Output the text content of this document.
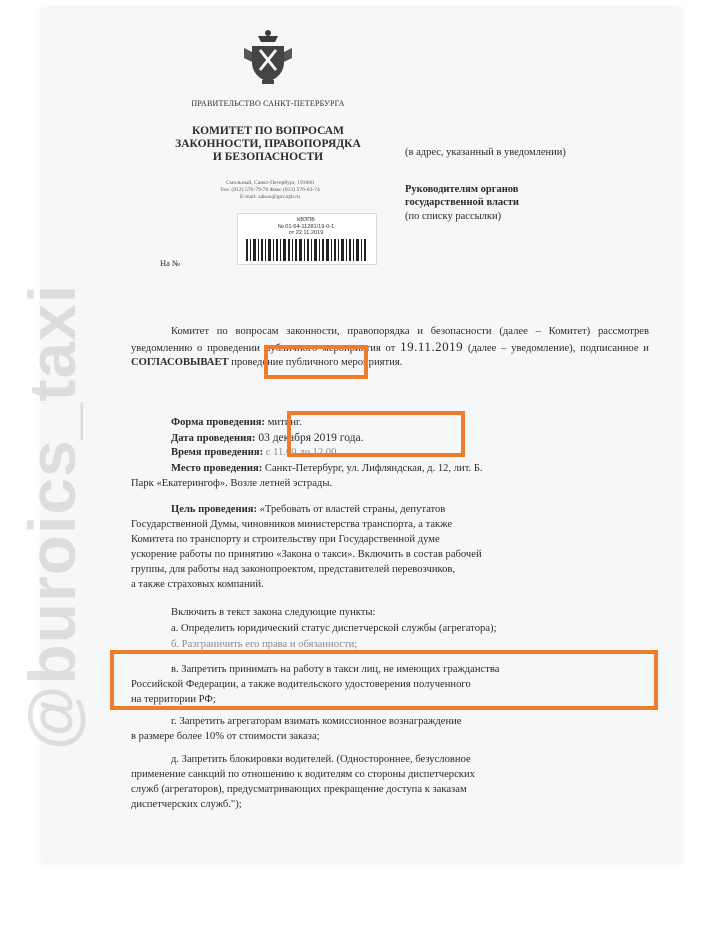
ПРАВИТЕЛЬСТВО САНКТ-ПЕТЕРБУРГА
КОМИТЕТ ПО ВОПРОСАМ
ЗАКОННОСТИ, ПРАВОПОРЯДКА
И БЕЗОПАСНОСТИ
Смольный, Санкт-Петербург, 191060
Тел. (812) 576-79-70 Факс (812) 576-63-74
E-mail: zakon@gov.spb.ru
КВЗПБ
№ 01-64-11281/19-0-1
от 22.11.2019
На №
(в адрес, указанный в уведомлении)
Руководителям органов
государственной власти
(по списку рассылки)
Комитет по вопросам законности, правопорядка и безопасности (далее – Комитет) рассмотрев уведомлению о проведении публичного мероприятия от 19.11.2019 (далее – уведомление), подписанное и СОГЛАСОВЫВАЕТ проведение публичного мероприятия.
Форма проведения: митинг.
Дата проведения: 03 декабря 2019 года.
Время проведения: с 11.00 до 12.00.
Место проведения: Санкт-Петербург, ул. Лифляндская, д. 12, лит. Б.
Парк «Екатерингоф». Возле летней эстрады.
Цель проведения: «Требовать от властей страны, депутатов
Государственной Думы, чиновников министерства транспорта, а также
Комитета по транспорту и строительству при Государственной думе
ускорение работы по принятию «Закона о такси». Включить в состав рабочей
группы, для работы над законопроектом, представителей перевозчиков,
а также страховых компаний.
Включить в текст закона следующие пункты:
а. Определить юридический статус диспетчерской службы (агрегатора);
б. Разграничить его права и обязанности;
в. Запретить принимать на работу в такси лиц, не имеющих гражданства
Российской Федерации, а также водительского удостоверения полученного
на территории РФ;
г. Запретить агрегаторам взимать комиссионное вознаграждение
в размере более 10% от стоимости заказа;
д. Запретить блокировки водителей. (Одностороннее, безусловное
применение санкций по отношению к водителям со стороны диспетчерских
служб (агрегаторов), предусматривающих прекращение доступа к заказам
диспетчерских служб.");
@buroics_taxi
